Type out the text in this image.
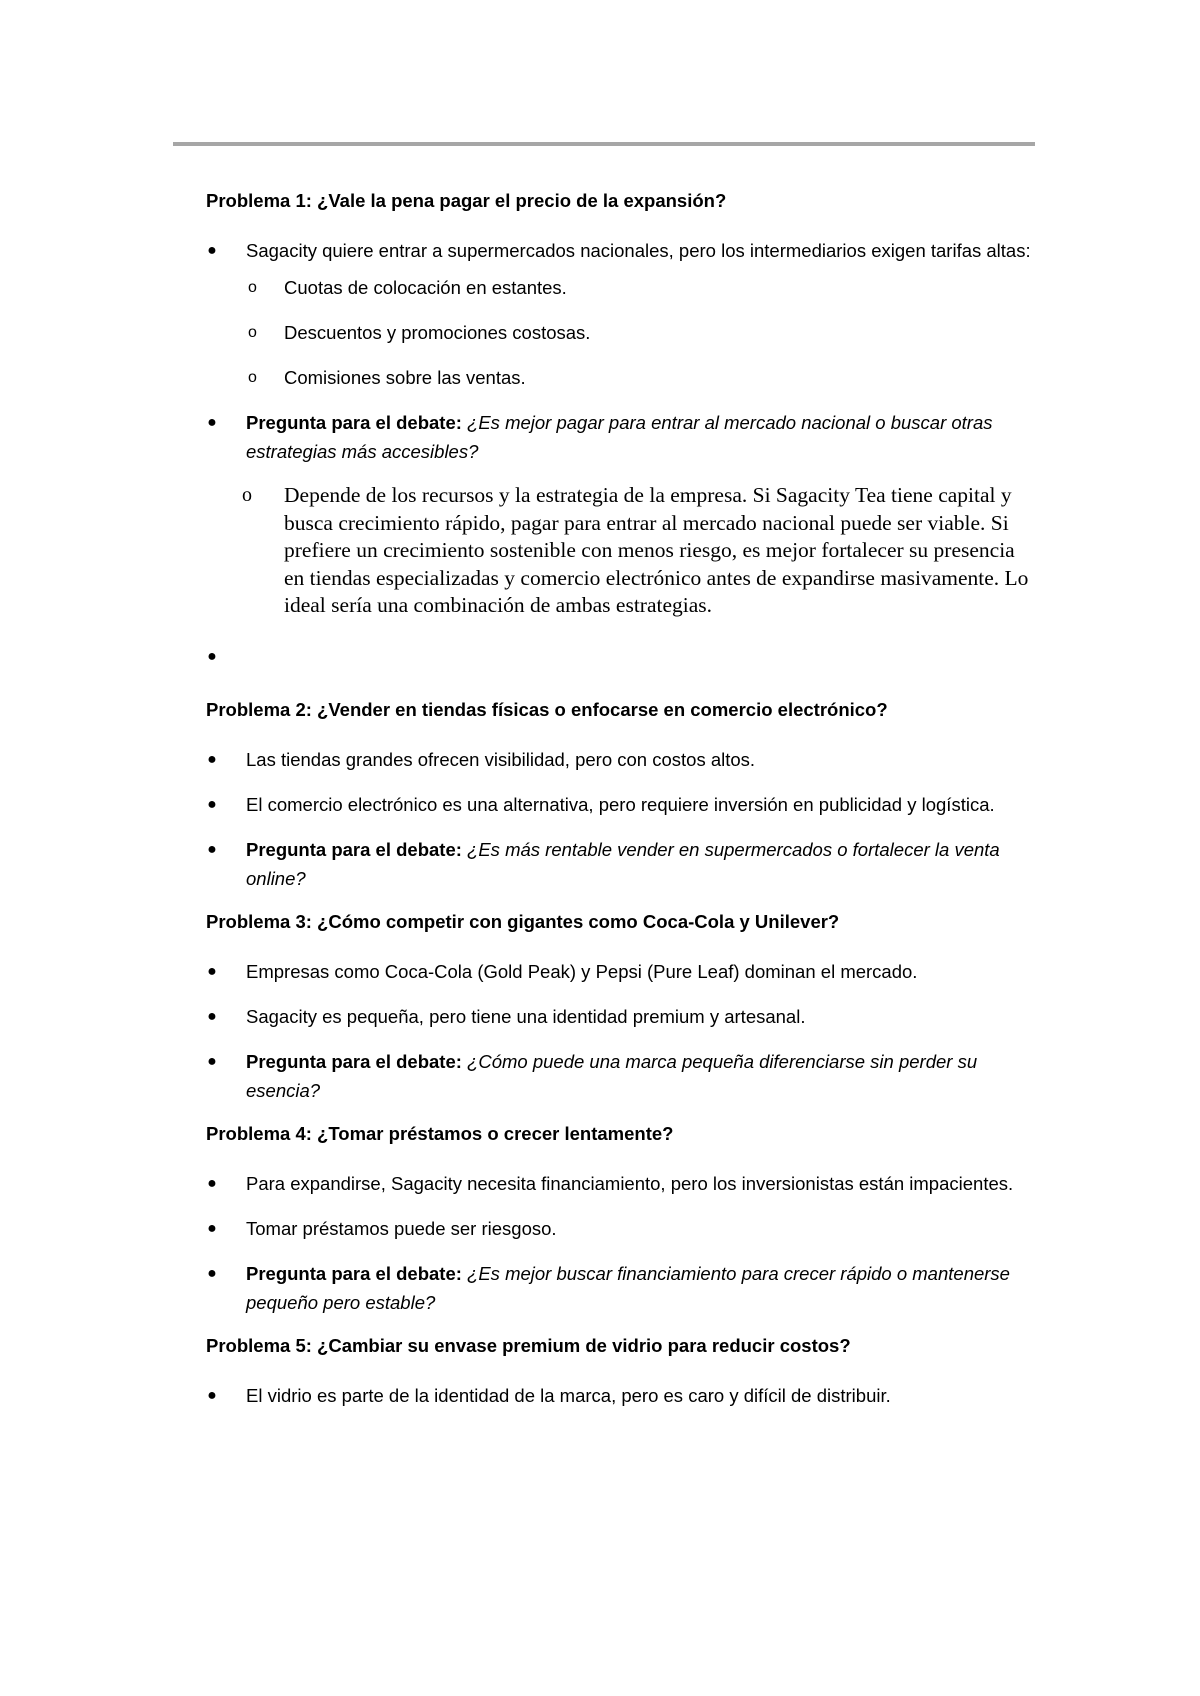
Problema 1: ¿Vale la pena pagar el precio de la expansión?
● Sagacity quiere entrar a supermercados nacionales, pero los intermediarios exigen tarifas altas:
o Cuotas de colocación en estantes.
o Descuentos y promociones costosas.
o Comisiones sobre las ventas.
● Pregunta para el debate: ¿Es mejor pagar para entrar al mercado nacional o buscar otras estrategias más accesibles?
o Depende de los recursos y la estrategia de la empresa. Si Sagacity Tea tiene capital y busca crecimiento rápido, pagar para entrar al mercado nacional puede ser viable. Si prefiere un crecimiento sostenible con menos riesgo, es mejor fortalecer su presencia en tiendas especializadas y comercio electrónico antes de expandirse masivamente. Lo ideal sería una combinación de ambas estrategias.
●
Problema 2: ¿Vender en tiendas físicas o enfocarse en comercio electrónico?
● Las tiendas grandes ofrecen visibilidad, pero con costos altos.
● El comercio electrónico es una alternativa, pero requiere inversión en publicidad y logística.
● Pregunta para el debate: ¿Es más rentable vender en supermercados o fortalecer la venta online?
Problema 3: ¿Cómo competir con gigantes como Coca-Cola y Unilever?
● Empresas como Coca-Cola (Gold Peak) y Pepsi (Pure Leaf) dominan el mercado.
● Sagacity es pequeña, pero tiene una identidad premium y artesanal.
● Pregunta para el debate: ¿Cómo puede una marca pequeña diferenciarse sin perder su esencia?
Problema 4: ¿Tomar préstamos o crecer lentamente?
● Para expandirse, Sagacity necesita financiamiento, pero los inversionistas están impacientes.
● Tomar préstamos puede ser riesgoso.
● Pregunta para el debate: ¿Es mejor buscar financiamiento para crecer rápido o mantenerse pequeño pero estable?
Problema 5: ¿Cambiar su envase premium de vidrio para reducir costos?
● El vidrio es parte de la identidad de la marca, pero es caro y difícil de distribuir.
